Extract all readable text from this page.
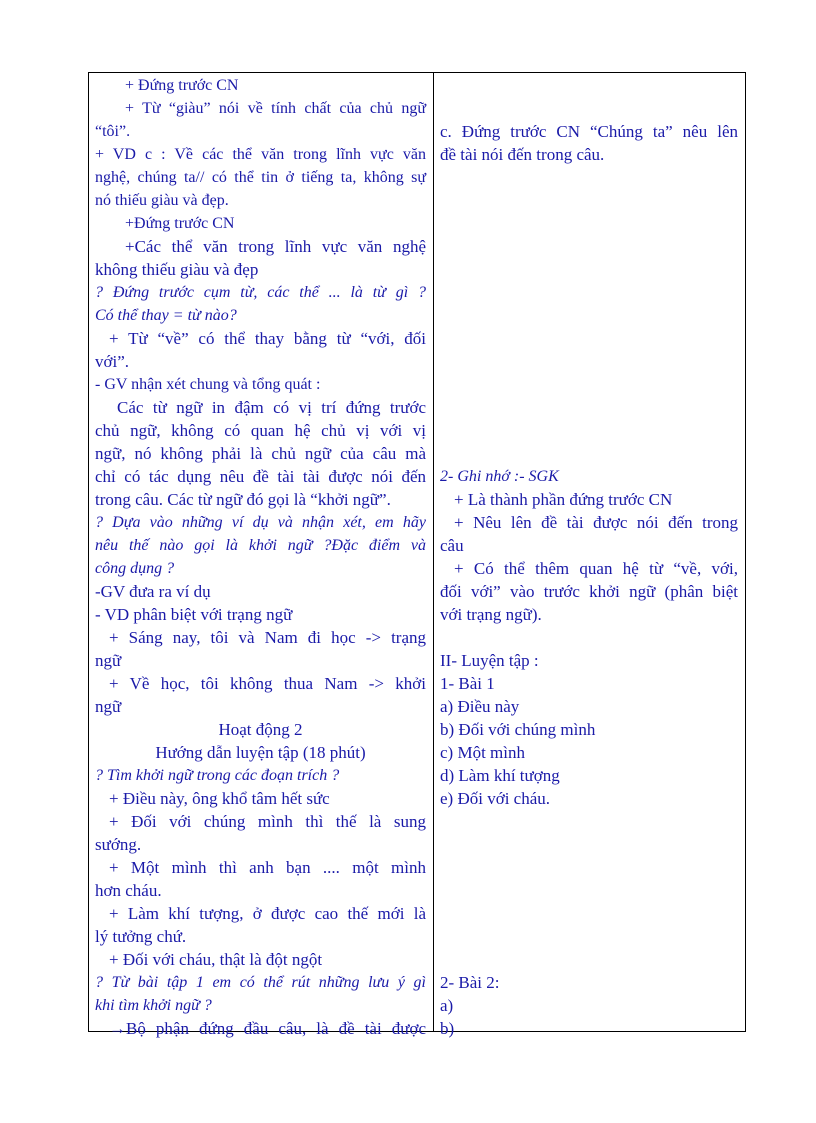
+ Đứng trước CN
+ Từ “giàu” nói về tính chất của chủ ngữ
“tôi”.
+ VD c : Về các thể văn trong lĩnh vực văn
nghệ, chúng ta// có thể tin ở tiếng ta, không sự
nó thiếu giàu và đẹp.
+Đứng trước CN
+Các thể văn trong lĩnh vực văn nghệ
không thiếu giàu và đẹp
? Đứng trước cụm từ, các thể ... là từ gì ?
Có thể thay = từ nào?
+ Từ “về” có thể thay bằng từ “với, đối
với”.
- GV nhận xét chung và tổng quát :
Các từ ngữ in đậm có vị trí đứng trước
chủ ngữ, không có quan hệ chủ vị với vị
ngữ, nó không phải là chủ ngữ của câu mà
chỉ có tác dụng nêu đề tài tài được nói đến
trong câu. Các từ ngữ đó gọi là “khởi ngữ”.
? Dựa vào những ví dụ và nhận xét, em hãy
nêu thế nào gọi là khởi ngữ ?Đặc điểm và
công dụng ?
-GV đưa ra ví dụ
- VD phân biệt với trạng ngữ
+ Sáng nay, tôi và Nam đi học -> trạng
ngữ
+ Về học, tôi không thua Nam -> khởi
ngữ
Hoạt động 2
Hướng dẫn luyện tập (18 phút)
? Tìm khởi ngữ trong các đoạn trích ?
+ Điều này, ông khổ tâm hết sức
+ Đối với chúng mình thì thế là sung
sướng.
+ Một mình thì anh bạn .... một mình
hơn cháu.
+ Làm khí tượng, ở được cao thế mới là
lý tưởng chứ.
+ Đối với cháu, thật là đột ngột
? Từ bài tập 1 em có thể rút những lưu ý gì
khi tìm khởi ngữ ?
→Bộ phận đứng đầu câu, là đề tài được
c. Đứng trước CN “Chúng ta” nêu lên
đề tài nói đến trong câu.
2- Ghi nhớ :- SGK
+ Là thành phần đứng trước CN
+ Nêu lên đề tài được nói đến trong
câu
+ Có thể thêm quan hệ từ “về, với,
đối với” vào trước khởi ngữ (phân biệt
với trạng ngữ).
II- Luyện tập :
1- Bài 1
a) Điều này
b) Đối với chúng mình
c) Một mình
d) Làm khí tượng
e) Đối với cháu.
2- Bài 2:
a)
b)
